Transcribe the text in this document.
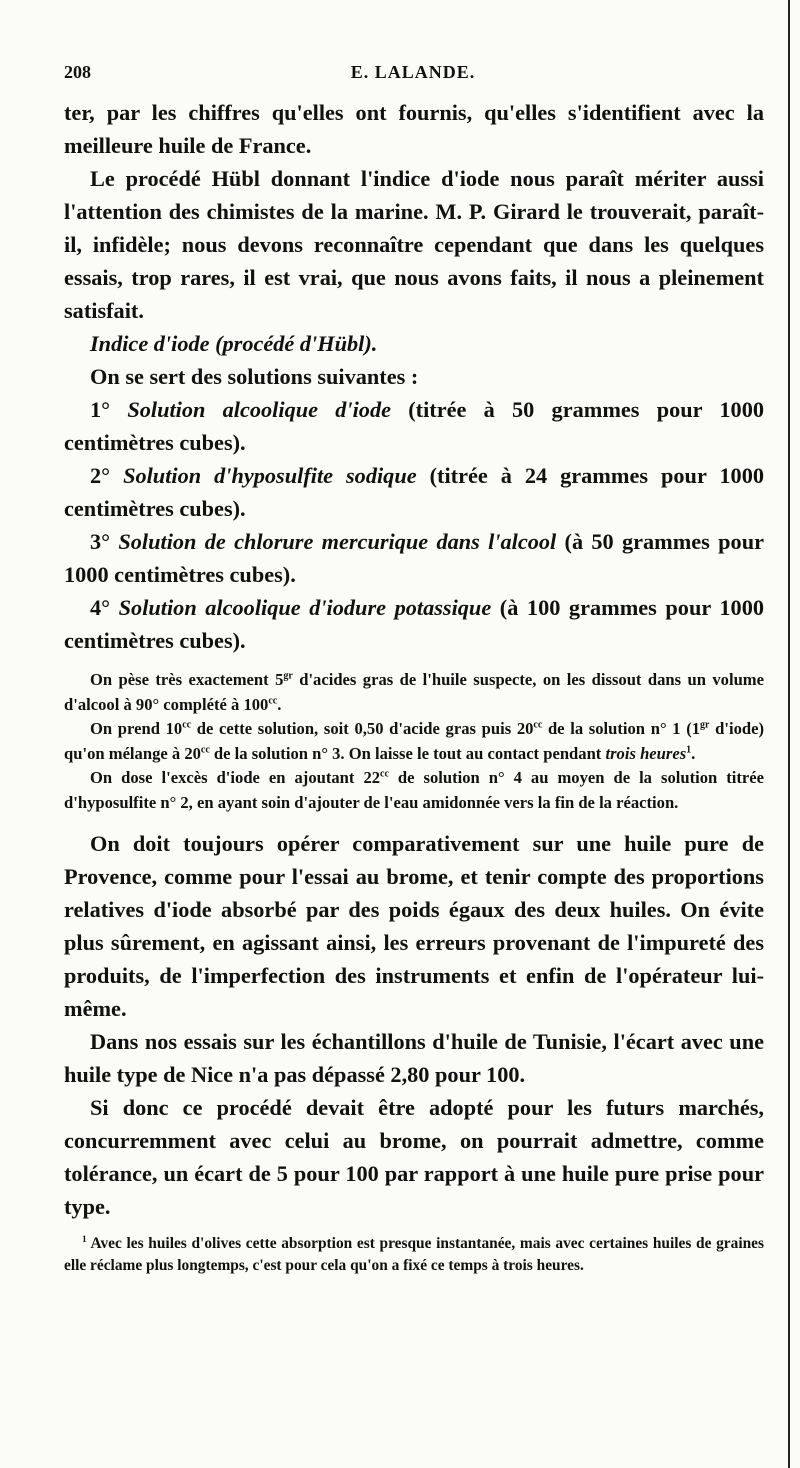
208	E. LALANDE.

ter, par les chiffres qu'elles ont fournis, qu'elles s'identifient avec la meilleure huile de France.

Le procédé Hübl donnant l'indice d'iode nous paraît mériter aussi l'attention des chimistes de la marine. M. P. Girard le trouverait, paraît-il, infidèle; nous devons reconnaître cependant que dans les quelques essais, trop rares, il est vrai, que nous avons faits, il nous a pleinement satisfait.

Indice d'iode (procédé d'Hübl).

On se sert des solutions suivantes :

1° Solution alcoolique d'iode (titrée à 50 grammes pour 1000 centimètres cubes).

2° Solution d'hyposulfite sodique (titrée à 24 grammes pour 1000 centimètres cubes).

3° Solution de chlorure mercurique dans l'alcool (à 50 grammes pour 1000 centimètres cubes).

4° Solution alcoolique d'iodure potassique (à 100 grammes pour 1000 centimètres cubes).

On pèse très exactement $5^{gr}$ d'acides gras de l'huile suspecte, on les dissout dans un volume d'alcool à 90° complété à $100^{cc}$.

On prend $10^{cc}$ de cette solution, soit 0,50 d'acide gras puis $20^{cc}$ de la solution n° 1 ($1^{gr}$ d'iode) qu'on mélange à $20^{cc}$ de la solution n° 3. On laisse le tout au contact pendant trois heures$^1$.

On dose l'excès d'iode en ajoutant $22^{cc}$ de solution n° 4 au moyen de la solution titrée d'hyposulfite n° 2, en ayant soin d'ajouter de l'eau amidonnée vers la fin de la réaction.

On doit toujours opérer comparativement sur une huile pure de Provence, comme pour l'essai au brome, et tenir compte des proportions relatives d'iode absorbé par des poids égaux des deux huiles. On évite plus sûrement, en agissant ainsi, les erreurs provenant de l'impureté des produits, de l'imperfection des instruments et enfin de l'opérateur lui-même.

Dans nos essais sur les échantillons d'huile de Tunisie, l'écart avec une huile type de Nice n'a pas dépassé 2,80 pour 100.

Si donc ce procédé devait être adopté pour les futurs marchés, concurremment avec celui au brome, on pourrait admettre, comme tolérance, un écart de 5 pour 100 par rapport à une huile pure prise pour type.

$^1$ Avec les huiles d'olives cette absorption est presque instantanée, mais avec certaines huiles de graines elle réclame plus longtemps, c'est pour cela qu'on a fixé ce temps à trois heures.
